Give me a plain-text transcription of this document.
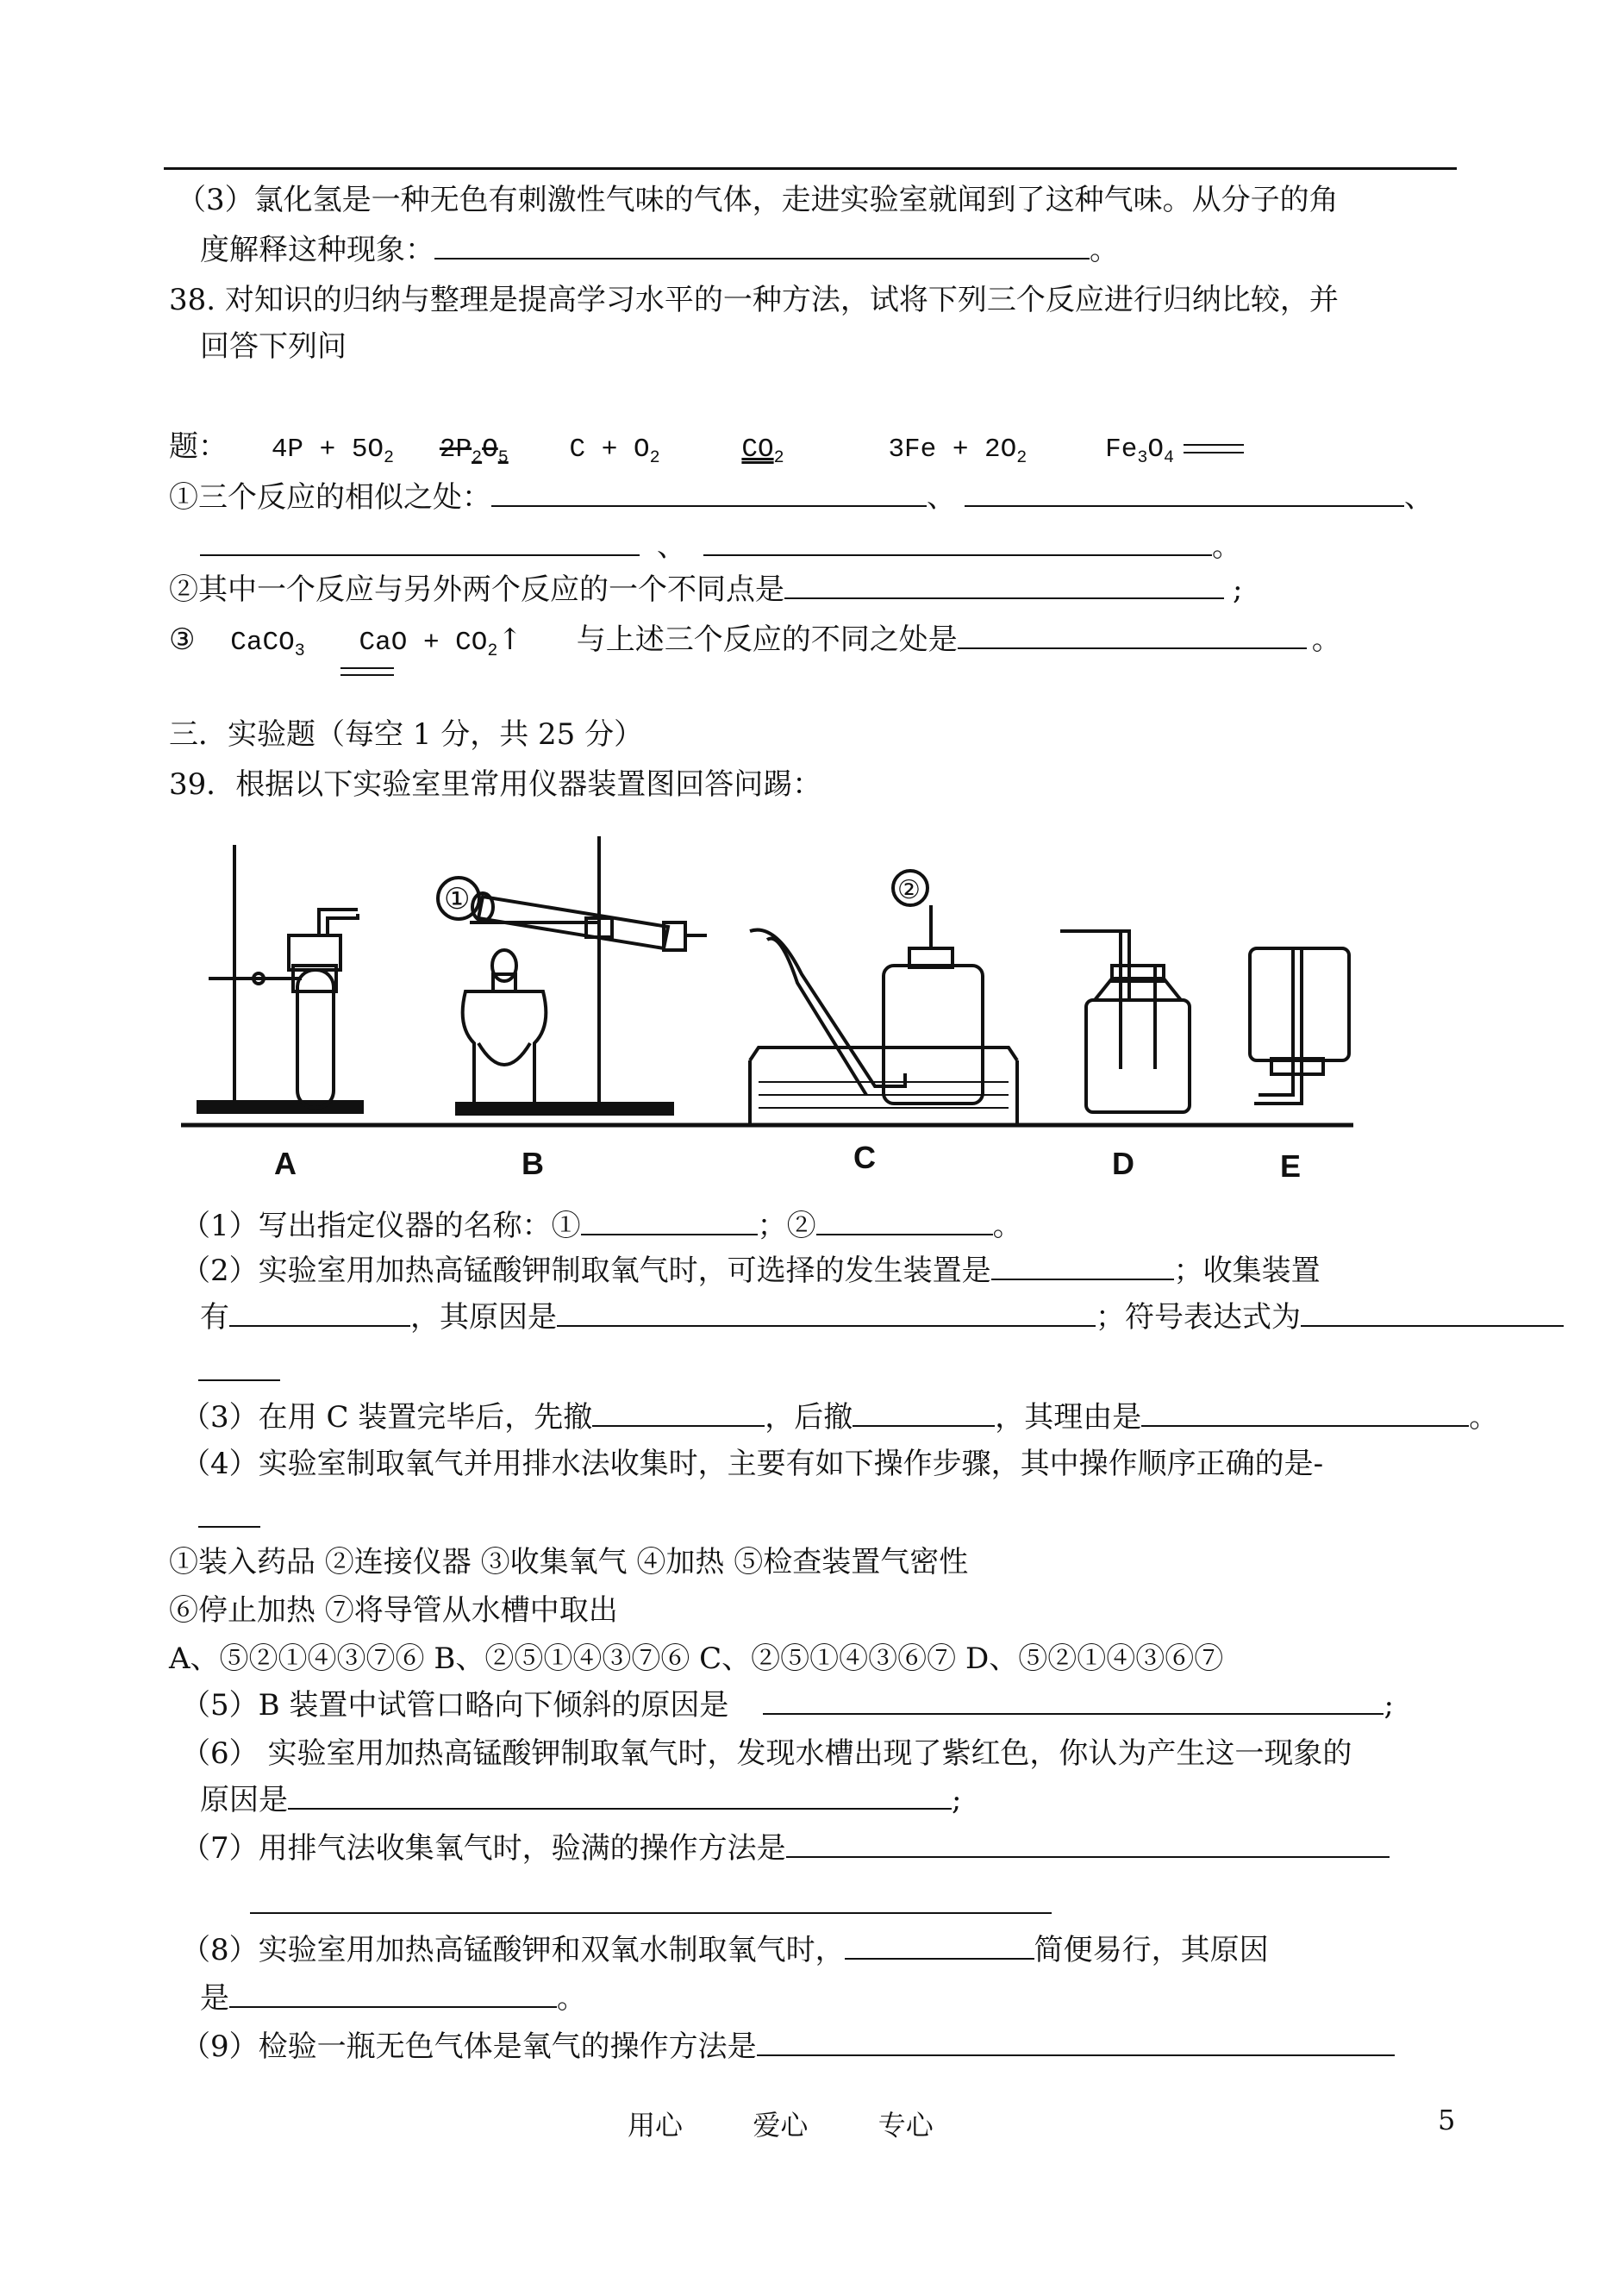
（3）氯化氢是一种无色有刺激性气味的气体，走进实验室就闻到了这种气味。从分子的角
度解释这种现象：	。
38. 对知识的归纳与整理是提高学习水平的一种方法，试将下列三个反应进行归纳比较，并
回答下列问
题： $4P + 5O_2$ $2P_2O_5$ $C + O_2$	$CO_2$	$3Fe + 2O_2$	$Fe_3O_4$
①三个反应的相似之处：	、	、
、	。
②其中一个反应与另外两个反应的一个不同点是	;
③ CaCO$_3$ CaO + $CO_2↑$ 与上述三个反应的不同之处是	。
三．实验题（每空 1 分，共 25 分）
39．根据以下实验室里常用仪器装置图回答问踢：
A	B	C	D	E
①	②
（1）写出指定仪器的名称：①	；②	。
（2）实验室用加热高锰酸钾制取氧气时，可选择的发生装置是	；收集装置
有	，其原因是	；符号表达式为
（3）在用 C 装置完毕后，先撤	，后撤	，其理由是	。
（4）实验室制取氧气并用排水法收集时，主要有如下操作步骤，其中操作顺序正确的是-
①装入药品 ②连接仪器 ③收集氧气 ④加热 ⑤检查装置气密性
⑥停止加热 ⑦将导管从水槽中取出
A、⑤②①④③⑦⑥ B、②⑤①④③⑦⑥ C、②⑤①④③⑥⑦ D、⑤②①④③⑥⑦
（5）B 装置中试管口略向下倾斜的原因是	;
（6） 实验室用加热高锰酸钾制取氧气时，发现水槽出现了紫红色，你认为产生这一现象的
原因是	;
（7）用排气法收集氧气时，验满的操作方法是
（8）实验室用加热高锰酸钾和双氧水制取氧气时，	简便易行，其原因
是	。
（9）检验一瓶无色气体是氧气的操作方法是
用心        爱心        专心	5
